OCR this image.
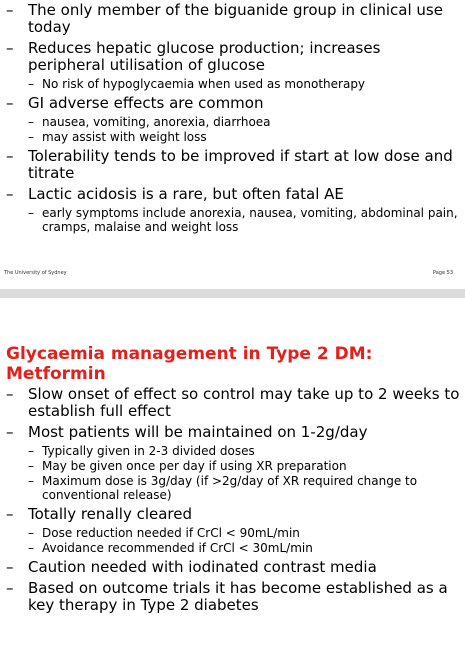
– The only member of the biguanide group in clinical use today
– Reduces hepatic glucose production; increases peripheral utilisation of glucose
– No risk of hypoglycaemia when used as monotherapy
– GI adverse effects are common
– nausea, vomiting, anorexia, diarrhoea
– may assist with weight loss
– Tolerability tends to be improved if start at low dose and titrate
– Lactic acidosis is a rare, but often fatal AE
– early symptoms include anorexia, nausea, vomiting, abdominal pain, cramps, malaise and weight loss
The University of Sydney	Page 53
Glycaemia management in Type 2 DM: Metformin
– Slow onset of effect so control may take up to 2 weeks to establish full effect
– Most patients will be maintained on 1-2g/day
– Typically given in 2-3 divided doses
– May be given once per day if using XR preparation
– Maximum dose is 3g/day (if >2g/day of XR required change to conventional release)
– Totally renally cleared
– Dose reduction needed if CrCl < 90mL/min
– Avoidance recommended if CrCl < 30mL/min
– Caution needed with iodinated contrast media
– Based on outcome trials it has become established as a key therapy in Type 2 diabetes
